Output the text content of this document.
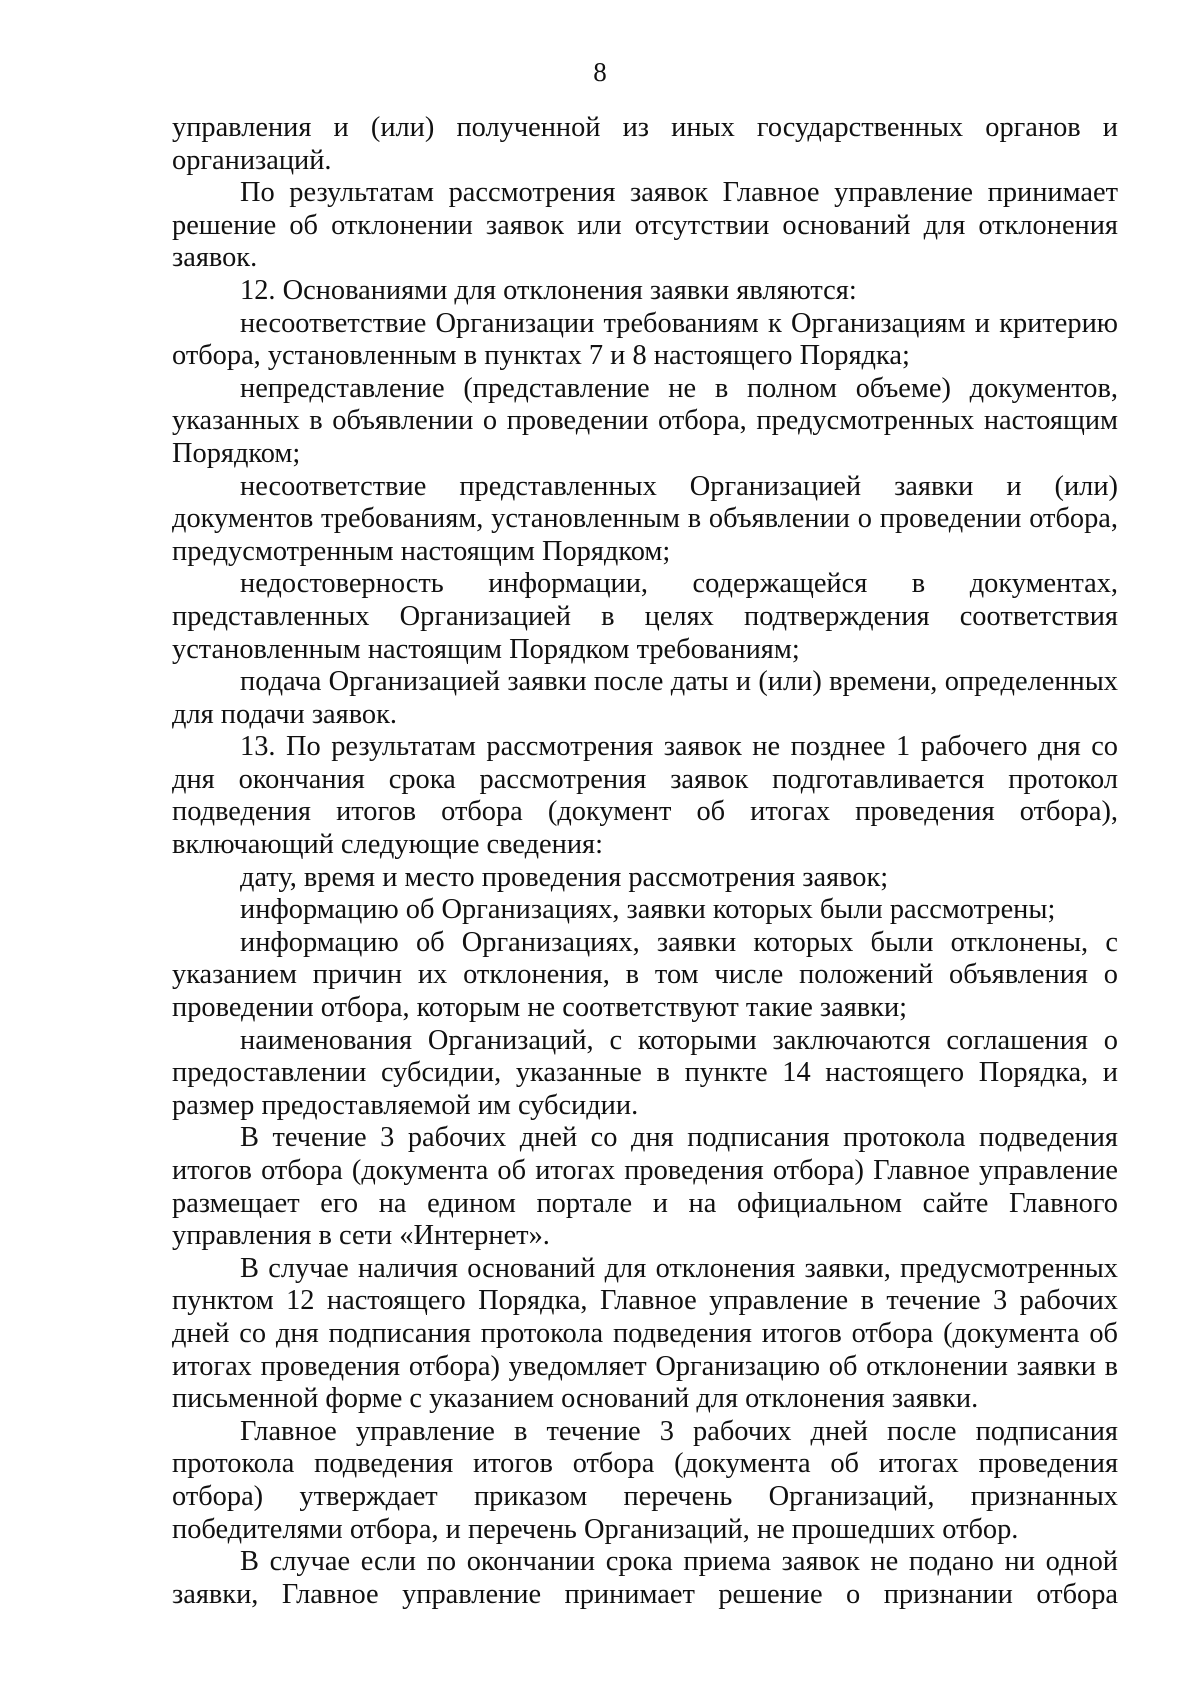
8

управления и (или) полученной из иных государственных органов и организаций.

По результатам рассмотрения заявок Главное управление принимает решение об отклонении заявок или отсутствии оснований для отклонения заявок.

12. Основаниями для отклонения заявки являются:

несоответствие Организации требованиям к Организациям и критерию отбора, установленным в пунктах 7 и 8 настоящего Порядка;

непредставление (представление не в полном объеме) документов, указанных в объявлении о проведении отбора, предусмотренных настоящим Порядком;

несоответствие представленных Организацией заявки и (или) документов требованиям, установленным в объявлении о проведении отбора, предусмотренным настоящим Порядком;

недостоверность информации, содержащейся в документах, представленных Организацией в целях подтверждения соответствия установленным настоящим Порядком требованиям;

подача Организацией заявки после даты и (или) времени, определенных для подачи заявок.

13. По результатам рассмотрения заявок не позднее 1 рабочего дня со дня окончания срока рассмотрения заявок подготавливается протокол подведения итогов отбора (документ об итогах проведения отбора), включающий следующие сведения:

дату, время и место проведения рассмотрения заявок;

информацию об Организациях, заявки которых были рассмотрены;

информацию об Организациях, заявки которых были отклонены, с указанием причин их отклонения, в том числе положений объявления о проведении отбора, которым не соответствуют такие заявки;

наименования Организаций, с которыми заключаются соглашения о предоставлении субсидии, указанные в пункте 14 настоящего Порядка, и размер предоставляемой им субсидии.

В течение 3 рабочих дней со дня подписания протокола подведения итогов отбора (документа об итогах проведения отбора) Главное управление размещает его на едином портале и на официальном сайте Главного управления в сети «Интернет».

В случае наличия оснований для отклонения заявки, предусмотренных пунктом 12 настоящего Порядка, Главное управление в течение 3 рабочих дней со дня подписания протокола подведения итогов отбора (документа об итогах проведения отбора) уведомляет Организацию об отклонении заявки в письменной форме с указанием оснований для отклонения заявки.

Главное управление в течение 3 рабочих дней после подписания протокола подведения итогов отбора (документа об итогах проведения отбора) утверждает приказом перечень Организаций, признанных победителями отбора, и перечень Организаций, не прошедших отбор.

В случае если по окончании срока приема заявок не подано ни одной заявки, Главное управление принимает решение о признании отбора
